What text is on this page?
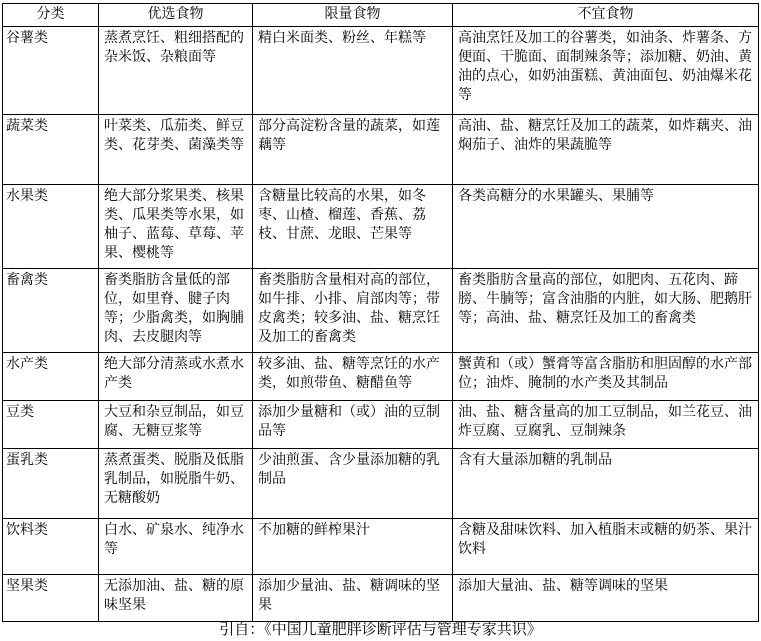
分类	优选食物	限量食物	不宜食物
谷薯类	蒸煮烹饪、粗细搭配的杂米饭、杂粮面等	精白米面类、粉丝、年糕等	高油烹饪及加工的谷薯类，如油条、炸薯条、方便面、干脆面、面制辣条等；添加糖、奶油、黄油的点心，如奶油蛋糕、黄油面包、奶油爆米花等
蔬菜类	叶菜类、瓜茄类、鲜豆类、花芽类、菌藻类等	部分高淀粉含量的蔬菜，如莲藕等	高油、盐、糖烹饪及加工的蔬菜，如炸藕夹、油焖茄子、油炸的果蔬脆等
水果类	绝大部分浆果类、核果类、瓜果类等水果，如柚子、蓝莓、草莓、苹果、樱桃等	含糖量比较高的水果，如冬枣、山楂、榴莲、香蕉、荔枝、甘蔗、龙眼、芒果等	各类高糖分的水果罐头、果脯等
畜禽类	畜类脂肪含量低的部位，如里脊、腱子肉等；少脂禽类，如胸脯肉、去皮腿肉等	畜类脂肪含量相对高的部位，如牛排、小排、肩部肉等；带皮禽类；较多油、盐、糖烹饪及加工的畜禽类	畜类脂肪含量高的部位，如肥肉、五花肉、蹄膀、牛腩等；富含油脂的内脏，如大肠、肥鹅肝等；高油、盐、糖烹饪及加工的畜禽类
水产类	绝大部分清蒸或水煮水产类	较多油、盐、糖等烹饪的水产类，如煎带鱼、糖醋鱼等	蟹黄和（或）蟹膏等富含脂肪和胆固醇的水产部位；油炸、腌制的水产类及其制品
豆类	大豆和杂豆制品，如豆腐、无糖豆浆等	添加少量糖和（或）油的豆制品等	油、盐、糖含量高的加工豆制品，如兰花豆、油炸豆腐、豆腐乳、豆制辣条
蛋乳类	蒸煮蛋类、脱脂及低脂乳制品，如脱脂牛奶、无糖酸奶	少油煎蛋、含少量添加糖的乳制品	含有大量添加糖的乳制品
饮料类	白水、矿泉水、纯净水等	不加糖的鲜榨果汁	含糖及甜味饮料、加入植脂末或糖的奶茶、果汁饮料
坚果类	无添加油、盐、糖的原味坚果	添加少量油、盐、糖调味的坚果	添加大量油、盐、糖等调味的坚果
引自：《中国儿童肥胖诊断评估与管理专家共识》
